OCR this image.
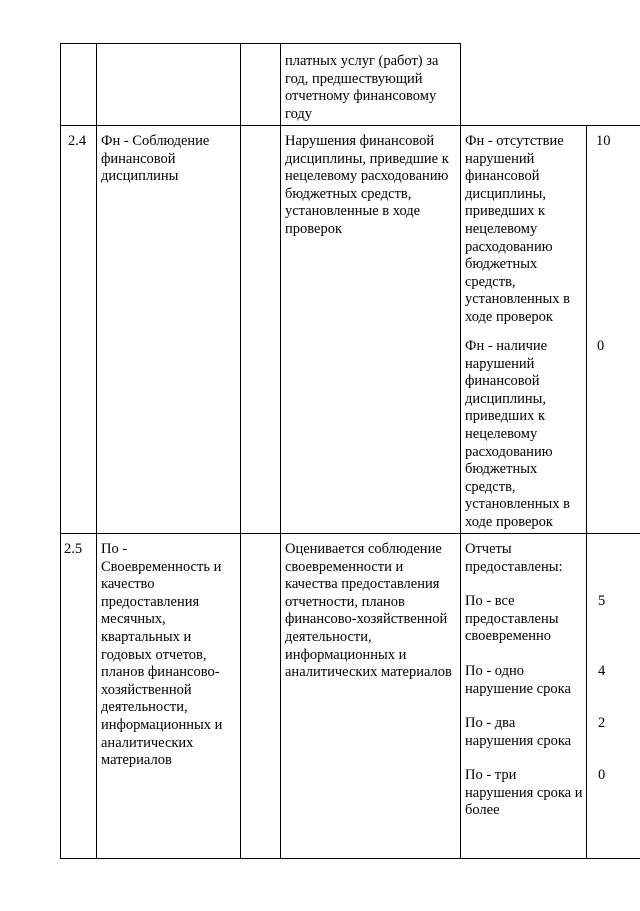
платных услуг (работ) за год, предшествующий отчетному финансовому году
2.4	Фн - Соблюдение финансовой дисциплины
Нарушения финансовой дисциплины, приведшие к нецелевому расходованию бюджетных средств, установленные в ходе проверок
Фн - отсутствие нарушений финансовой дисциплины, приведших к нецелевому расходованию бюджетных средств, установленных в ходе проверок
10
Фн - наличие нарушений финансовой дисциплины, приведших к нецелевому расходованию бюджетных средств, установленных в ходе проверок
0
2.5	По - Своевременность и качество предоставления месячных, квартальных и годовых отчетов, планов финансово-хозяйственной деятельности, информационных и аналитических материалов
Оценивается соблюдение своевременности и качества предоставления отчетности, планов финансово-хозяйственной деятельности, информационных и аналитических материалов
Отчеты предоставлены:
По - все предоставлены своевременно
5
По - одно нарушение срока
4
По - два нарушения срока
2
По - три нарушения срока и более
0
